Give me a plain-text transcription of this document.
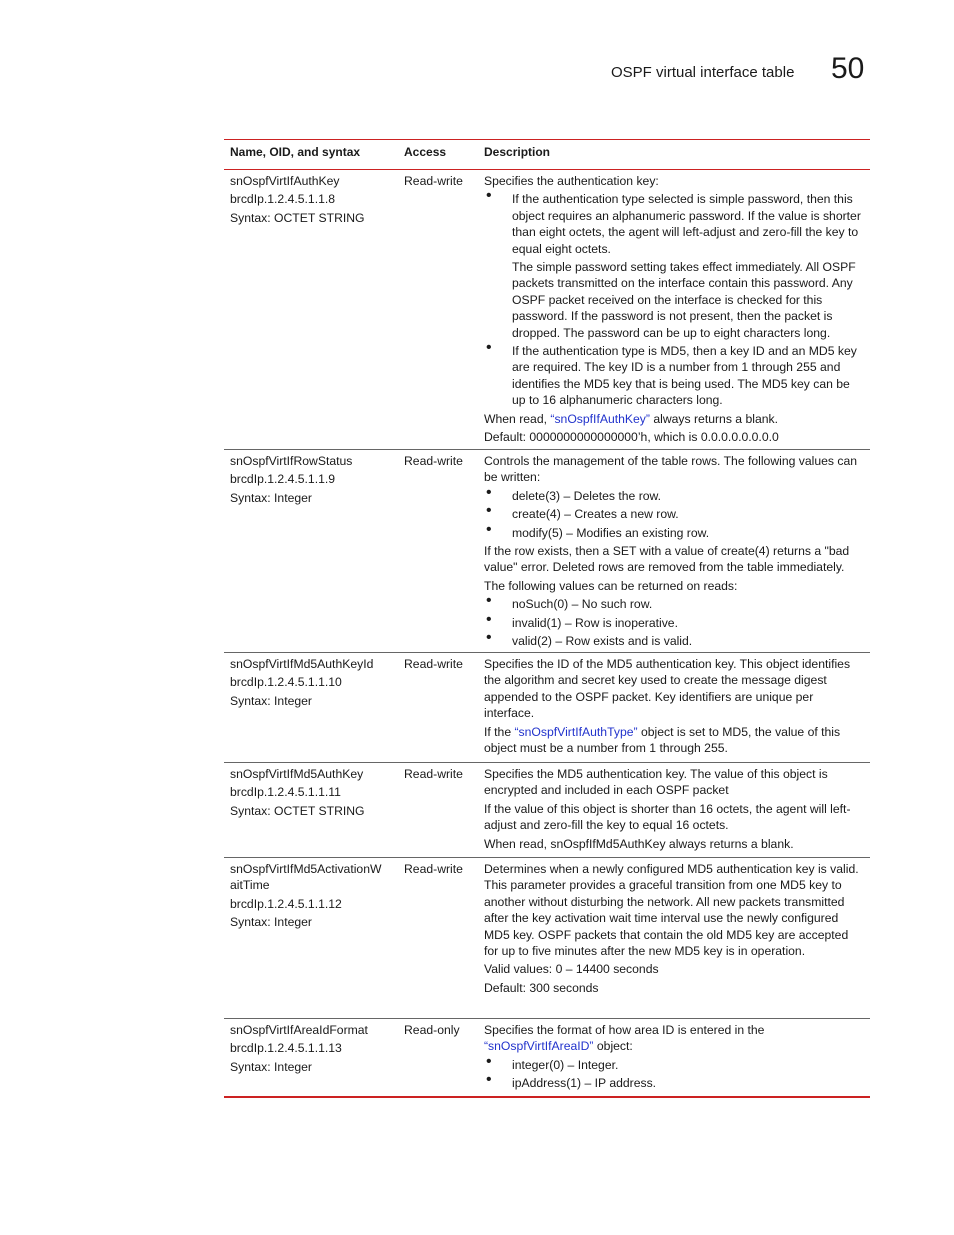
OSPF virtual interface table 50
Name, OID, and syntax	Access	Description
snOspfVirtIfAuthKey
brcdIp.1.2.4.5.1.1.8
Syntax: OCTET STRING
Read-write	Specifies the authentication key:
• If the authentication type selected is simple password, then this object requires an alphanumeric password. If the value is shorter than eight octets, the agent will left-adjust and zero-fill the key to equal eight octets.
The simple password setting takes effect immediately. All OSPF packets transmitted on the interface contain this password. Any OSPF packet received on the interface is checked for this password. If the password is not present, then the packet is dropped. The password can be up to eight characters long.
• If the authentication type is MD5, then a key ID and an MD5 key are required. The key ID is a number from 1 through 255 and identifies the MD5 key that is being used. The MD5 key can be up to 16 alphanumeric characters long.
When read, “snOspfIfAuthKey” always returns a blank.
Default: 0000000000000000’h, which is 0.0.0.0.0.0.0.0
snOspfVirtIfRowStatus
brcdIp.1.2.4.5.1.1.9
Syntax: Integer
Read-write	Controls the management of the table rows. The following values can be written:
• delete(3) – Deletes the row.
• create(4) – Creates a new row.
• modify(5) – Modifies an existing row.
If the row exists, then a SET with a value of create(4) returns a "bad value" error. Deleted rows are removed from the table immediately.
The following values can be returned on reads:
• noSuch(0) – No such row.
• invalid(1) – Row is inoperative.
• valid(2) – Row exists and is valid.
snOspfVirtIfMd5AuthKeyId
brcdIp.1.2.4.5.1.1.10
Syntax: Integer
Read-write	Specifies the ID of the MD5 authentication key. This object identifies the algorithm and secret key used to create the message digest appended to the OSPF packet. Key identifiers are unique per interface.
If the “snOspfVirtIfAuthType” object is set to MD5, the value of this object must be a number from 1 through 255.
snOspfVirtIfMd5AuthKey
brcdIp.1.2.4.5.1.1.11
Syntax: OCTET STRING
Read-write	Specifies the MD5 authentication key. The value of this object is encrypted and included in each OSPF packet
If the value of this object is shorter than 16 octets, the agent will left-adjust and zero-fill the key to equal 16 octets.
When read, snOspfIfMd5AuthKey always returns a blank.
snOspfVirtIfMd5ActivationW aitTime
brcdIp.1.2.4.5.1.1.12
Syntax: Integer
Read-write	Determines when a newly configured MD5 authentication key is valid. This parameter provides a graceful transition from one MD5 key to another without disturbing the network. All new packets transmitted after the key activation wait time interval use the newly configured MD5 key. OSPF packets that contain the old MD5 key are accepted for up to five minutes after the new MD5 key is in operation.
Valid values: 0 – 14400 seconds
Default: 300 seconds
snOspfVirtIfAreaIdFormat
brcdIp.1.2.4.5.1.1.13
Syntax: Integer
Read-only	Specifies the format of how area ID is entered in the “snOspfVirtIfAreaID” object:
• integer(0) – Integer.
• ipAddress(1) – IP address.
